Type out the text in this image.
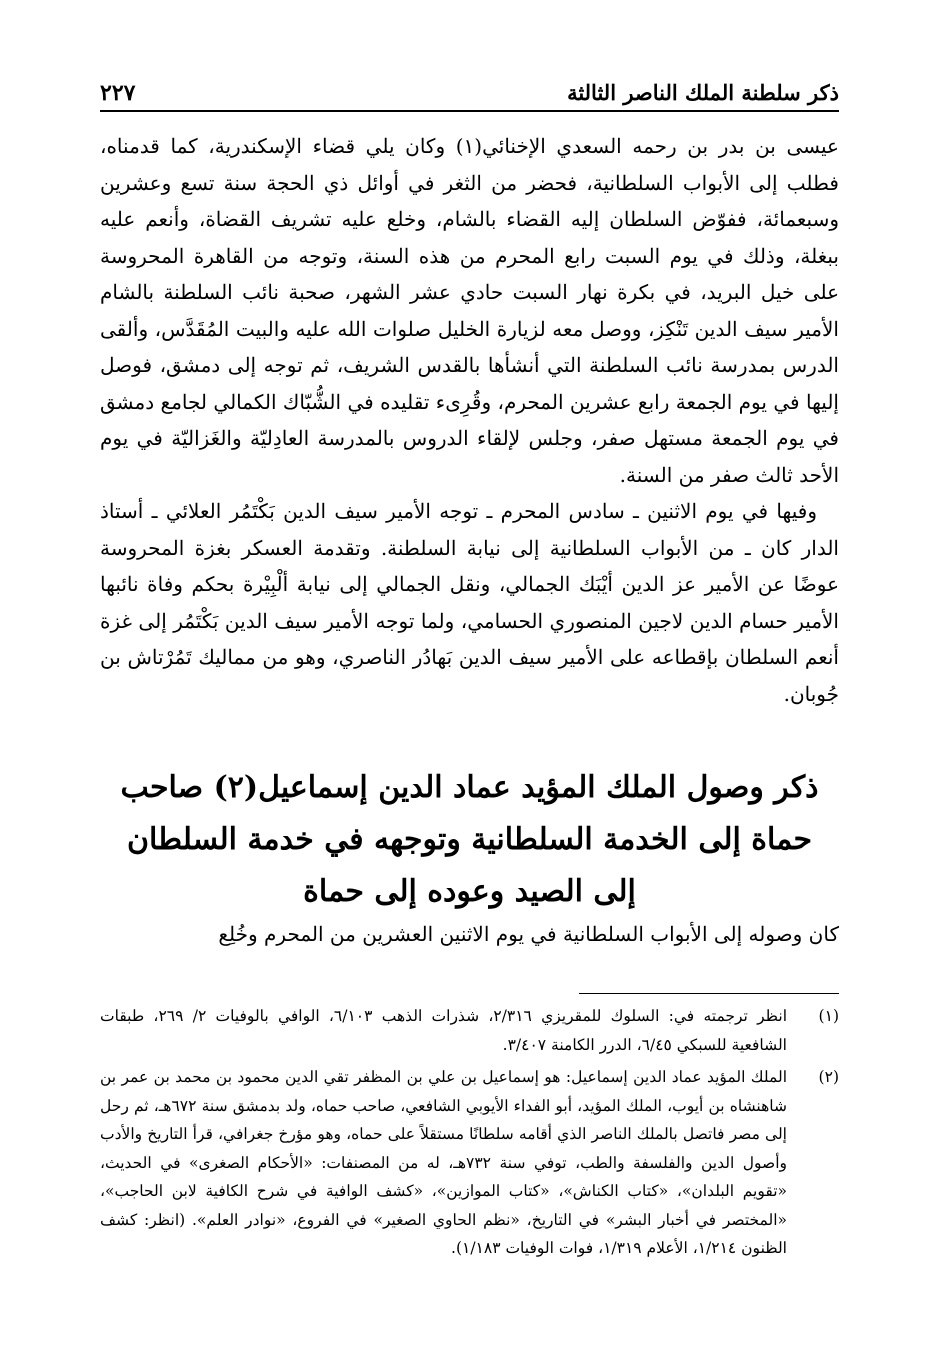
ذكر سلطنة الملك الناصر الثالثة
٢٢٧

عيسى بن بدر بن رحمه السعدي الإخنائي(١) وكان يلي قضاء الإسكندرية، كما قدمناه، فطلب إلى الأبواب السلطانية، فحضر من الثغر في أوائل ذي الحجة سنة تسع وعشرين وسبعمائة، ففوّض السلطان إليه القضاء بالشام، وخلع عليه تشريف القضاة، وأنعم عليه ببغلة، وذلك في يوم السبت رابع المحرم من هذه السنة، وتوجه من القاهرة المحروسة على خيل البريد، في بكرة نهار السبت حادي عشر الشهر، صحبة نائب السلطنة بالشام الأمير سيف الدين تَنْكِز، ووصل معه لزيارة الخليل صلوات الله عليه والبيت المُقَدَّس، وألقى الدرس بمدرسة نائب السلطنة التي أنشأها بالقدس الشريف، ثم توجه إلى دمشق، فوصل إليها في يوم الجمعة رابع عشرين المحرم، وقُرِىء تقليده في الشُّبّاك الكمالي لجامع دمشق في يوم الجمعة مستهل صفر، وجلس لإلقاء الدروس بالمدرسة العادِليّة والغَزاليّة في يوم الأحد ثالث صفر من السنة.

وفيها في يوم الاثنين ـ سادس المحرم ـ توجه الأمير سيف الدين بَكْتَمُر العلائي ـ أستاذ الدار كان ـ من الأبواب السلطانية إلى نيابة السلطنة. وتقدمة العسكر بغزة المحروسة عوضًا عن الأمير عز الدين أيْبَك الجمالي، ونقل الجمالي إلى نيابة ألْبِيْرة بحكم وفاة نائبها الأمير حسام الدين لاجين المنصوري الحسامي، ولما توجه الأمير سيف الدين بَكْتَمُر إلى غزة أنعم السلطان بإقطاعه على الأمير سيف الدين بَهادُر الناصري، وهو من مماليك تَمُرْتاش بن جُوبان.

ذكر وصول الملك المؤيد عماد الدين إسماعيل(٢) صاحب حماة إلى الخدمة السلطانية وتوجهه في خدمة السلطان إلى الصيد وعوده إلى حماة
كان وصوله إلى الأبواب السلطانية في يوم الاثنين العشرين من المحرم وخُلِع
(١)
انظر ترجمته في: السلوك للمقريزي ٢/٣١٦، شذرات الذهب ٦/١٠٣، الوافي بالوفيات ٢/ ٢٦٩، طبقات الشافعية للسبكي ٦/٤٥، الدرر الكامنة ٣/٤٠٧.
(٢)
الملك المؤيد عماد الدين إسماعيل: هو إسماعيل بن علي بن المظفر تقي الدين محمود بن محمد بن عمر بن شاهنشاه بن أيوب، الملك المؤيد، أبو الفداء الأيوبي الشافعي، صاحب حماه، ولد بدمشق سنة ٦٧٢هـ، ثم رحل إلى مصر فاتصل بالملك الناصر الذي أقامه سلطانًا مستقلاً على حماه، وهو مؤرخ جغرافي، قرأ التاريخ والأدب وأصول الدين والفلسفة والطب، توفي سنة ٧٣٢هـ، له من المصنفات: «الأحكام الصغرى» في الحديث، «تقويم البلدان»، «كتاب الكناش»، «كتاب الموازين»، «كشف الوافية في شرح الكافية لابن الحاجب»، «المختصر في أخبار البشر» في التاريخ، «نظم الحاوي الصغير» في الفروع، «نوادر العلم». (انظر: كشف الظنون ١/٢١٤، الأعلام ١/٣١٩، فوات الوفيات ١/١٨٣).
